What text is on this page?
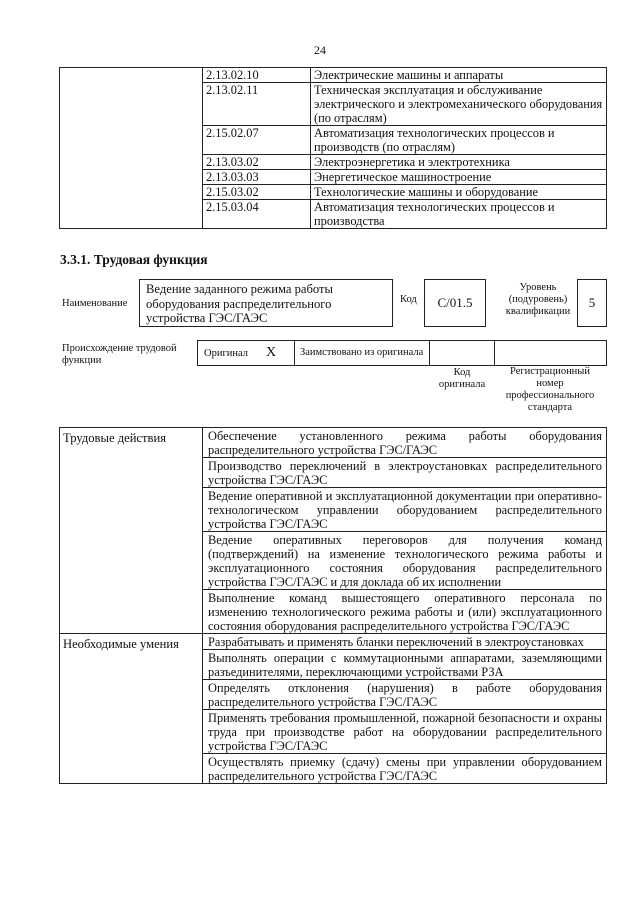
24
	2.13.02.10	Электрические машины и аппараты
	2.13.02.11	Техническая эксплуатация и обслуживание электрического и электромеханического оборудования (по отраслям)
	2.15.02.07	Автоматизация технологических процессов и производств (по отраслям)
	2.13.03.02	Электроэнергетика и электротехника
	2.13.03.03	Энергетическое машиностроение
	2.15.03.02	Технологические машины и оборудование
	2.15.03.04	Автоматизация технологических процессов и производства
3.3.1. Трудовая функция
Наименование
Ведение заданного режима работы оборудования распределительного устройства ГЭС/ГАЭС
Код	С/01.5
Уровень (подуровень) квалификации
5
Происхождение трудовой функции
Оригинал X	Заимствовано из оригинала
Код оригинала
Регистрационный номер профессионального стандарта
Трудовые действия	Обеспечение установленного режима работы оборудования распределительного устройства ГЭС/ГАЭС
	Производство переключений в электроустановках распределительного устройства ГЭС/ГАЭС
	Ведение оперативной и эксплуатационной документации при оперативно-технологическом управлении оборудованием распределительного устройства ГЭС/ГАЭС
	Ведение оперативных переговоров для получения команд (подтверждений) на изменение технологического режима работы и эксплуатационного состояния оборудования распределительного устройства ГЭС/ГАЭС и для доклада об их исполнении
	Выполнение команд вышестоящего оперативного персонала по изменению технологического режима работы и (или) эксплуатационного состояния оборудования распределительного устройства ГЭС/ГАЭС
Необходимые умения	Разрабатывать и применять бланки переключений в электроустановках
	Выполнять операции с коммутационными аппаратами, заземляющими разъединителями, переключающими устройствами РЗА
	Определять отклонения (нарушения) в работе оборудования распределительного устройства ГЭС/ГАЭС
	Применять требования промышленной, пожарной безопасности и охраны труда при производстве работ на оборудовании распределительного устройства ГЭС/ГАЭС
	Осуществлять приемку (сдачу) смены при управлении оборудованием распределительного устройства ГЭС/ГАЭС
